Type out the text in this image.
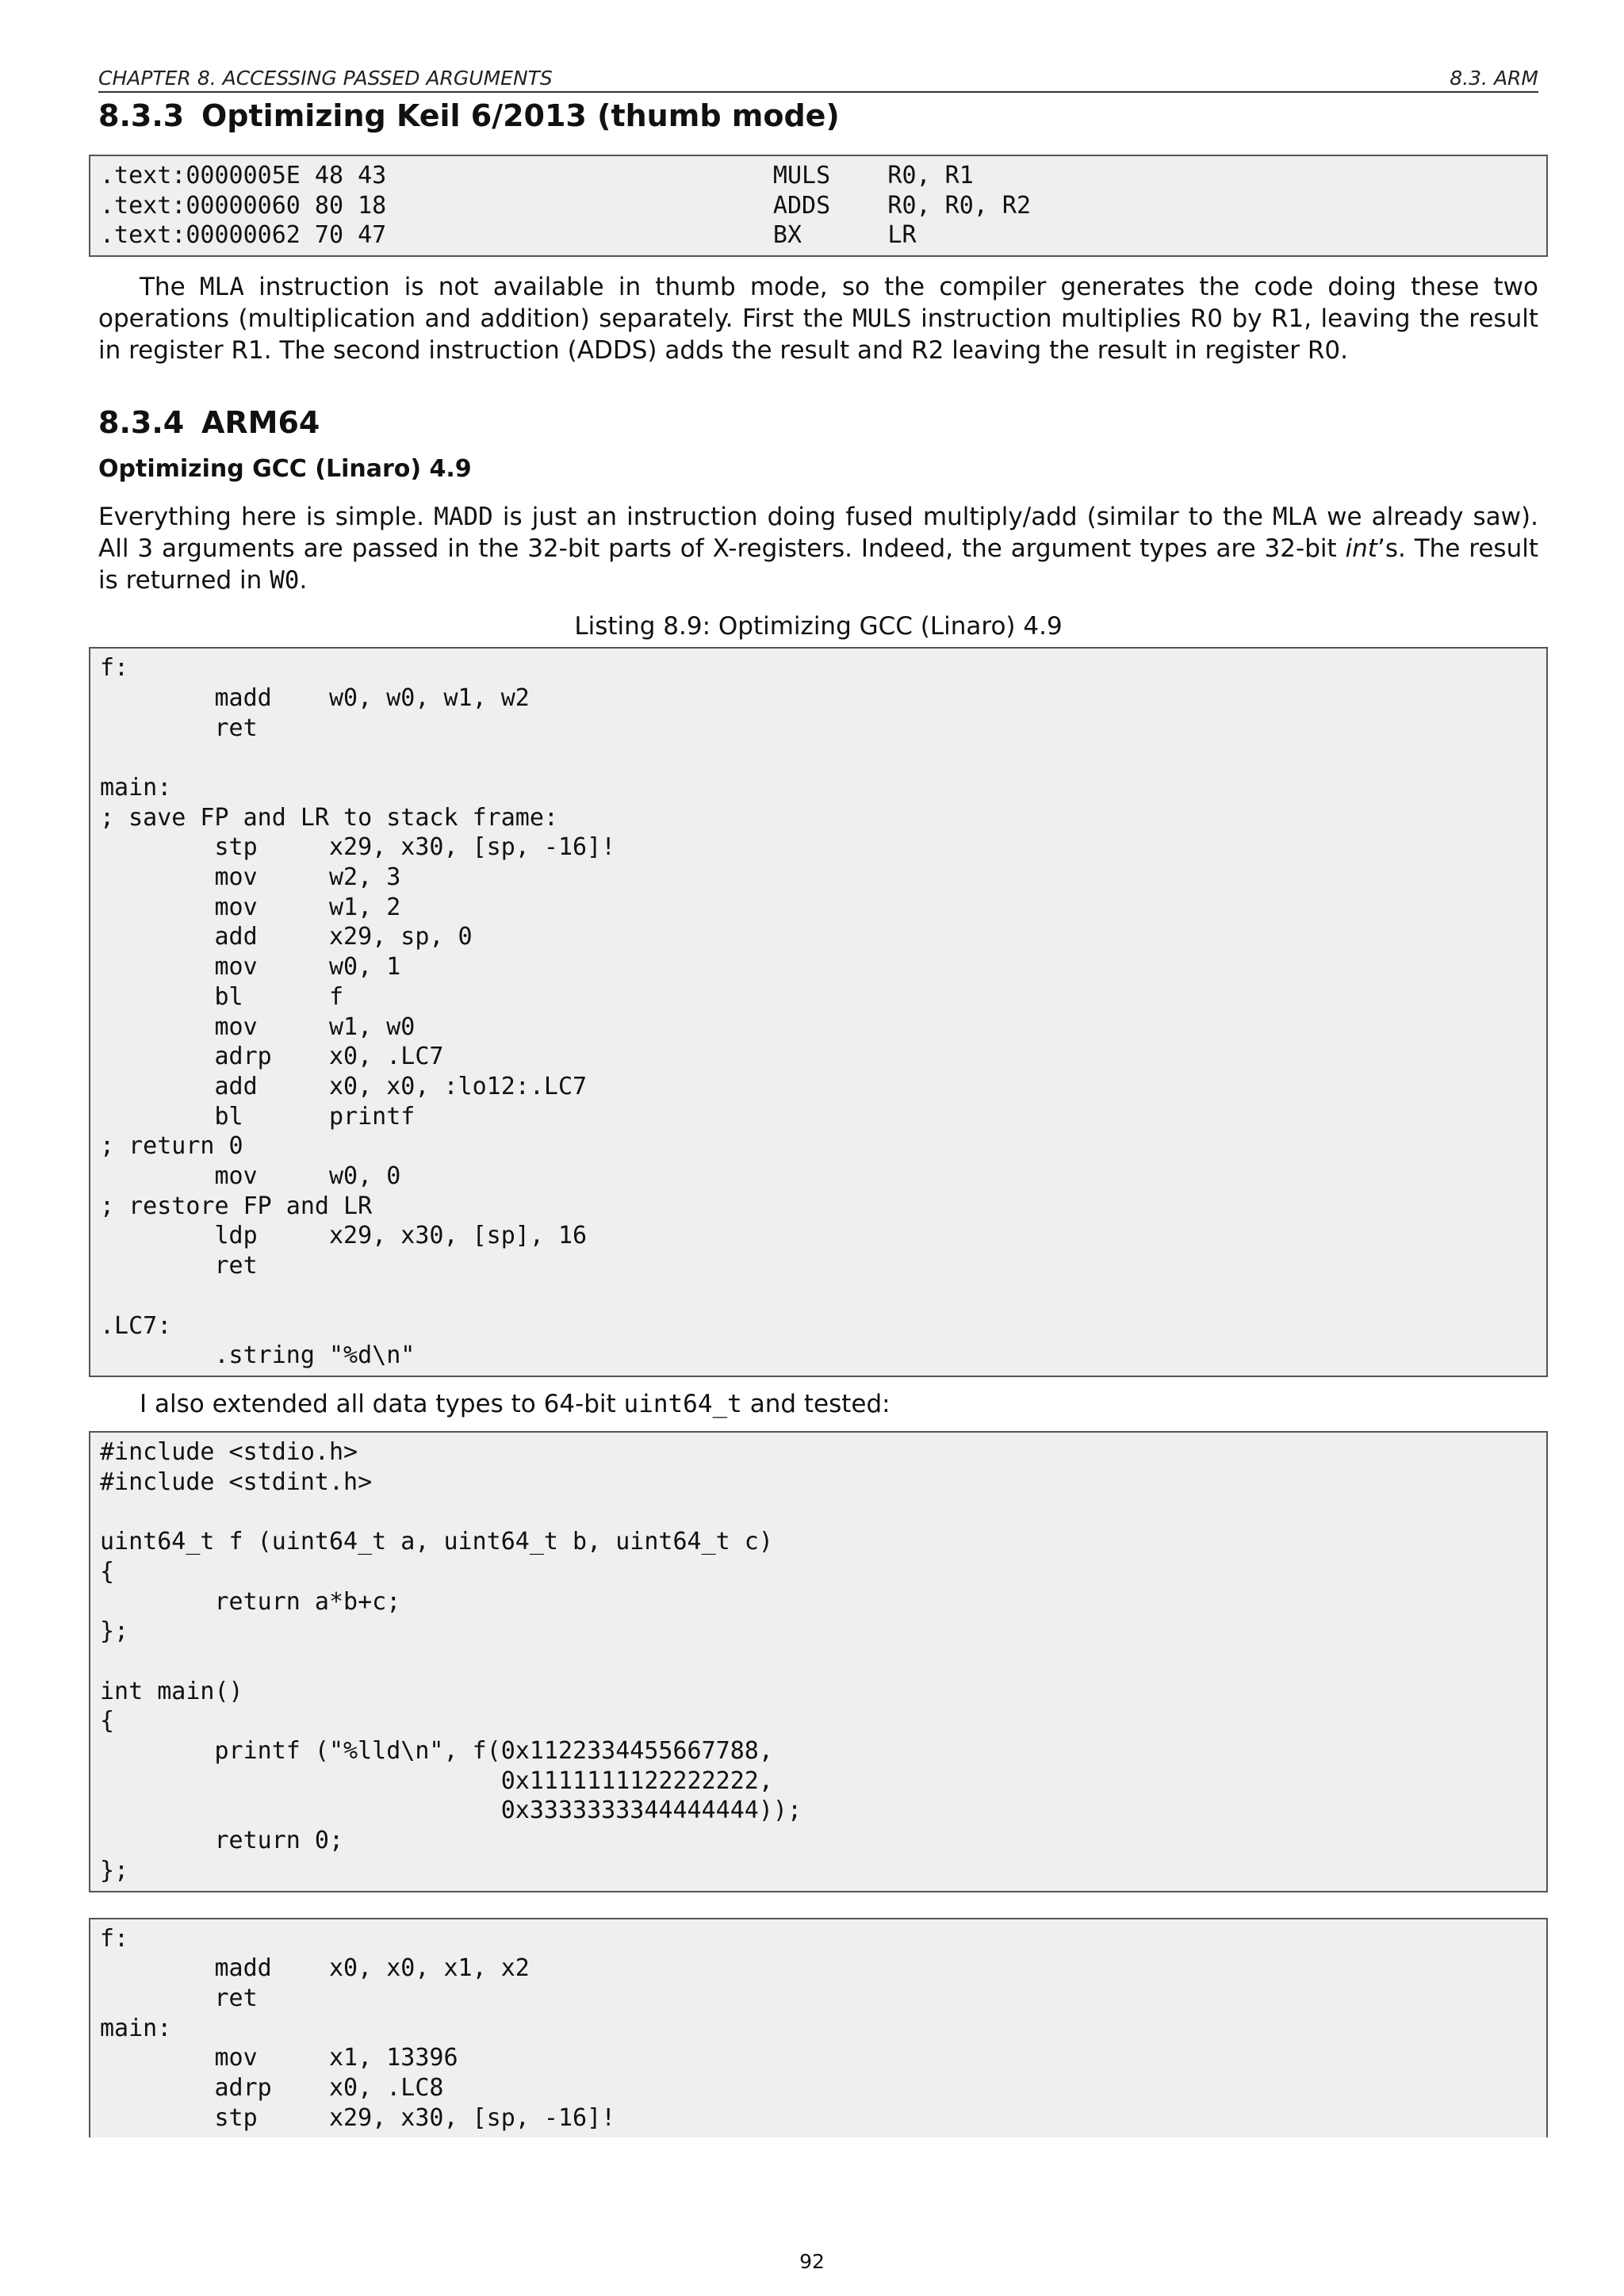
CHAPTER 8. ACCESSING PASSED ARGUMENTS	8.3. ARM
8.3.3 Optimizing Keil 6/2013 (thumb mode)
.text:0000005E 48 43                           MULS    R0, R1
.text:00000060 80 18                           ADDS    R0, R0, R2
.text:00000062 70 47                           BX      LR

The MLA instruction is not available in thumb mode, so the compiler generates the code doing these two operations (multiplication and addition) separately. First the MULS instruction multiplies R0 by R1, leaving the result in register R1. The second instruction (ADDS) adds the result and R2 leaving the result in register R0.

8.3.4 ARM64
Optimizing GCC (Linaro) 4.9

Everything here is simple. MADD is just an instruction doing fused multiply/add (similar to the MLA we already saw). All 3 arguments are passed in the 32-bit parts of X-registers. Indeed, the argument types are 32-bit int’s. The result is returned in W0.

Listing 8.9: Optimizing GCC (Linaro) 4.9
f:
madd    w0, w0, w1, w2
ret

main:
; save FP and LR to stack frame:
stp     x29, x30, [sp, -16]!
mov     w2, 3
mov     w1, 2
add     x29, sp, 0
mov     w0, 1
bl      f
mov     w1, w0
adrp    x0, .LC7
add     x0, x0, :lo12:.LC7
bl      printf
; return 0
mov     w0, 0
; restore FP and LR
ldp     x29, x30, [sp], 16
ret

.LC7:
.string "%d\n"

I also extended all data types to 64-bit uint64_t and tested:

#include <stdio.h>
#include <stdint.h>

uint64_t f (uint64_t a, uint64_t b, uint64_t c)
{
return a*b+c;
};

int main()
{
printf ("%lld\n", f(0x1122334455667788,
0x1111111122222222,
0x3333333344444444));
return 0;
};
f:
madd    x0, x0, x1, x2
ret
main:
mov     x1, 13396
adrp    x0, .LC8
stp     x29, x30, [sp, -16]!
92
